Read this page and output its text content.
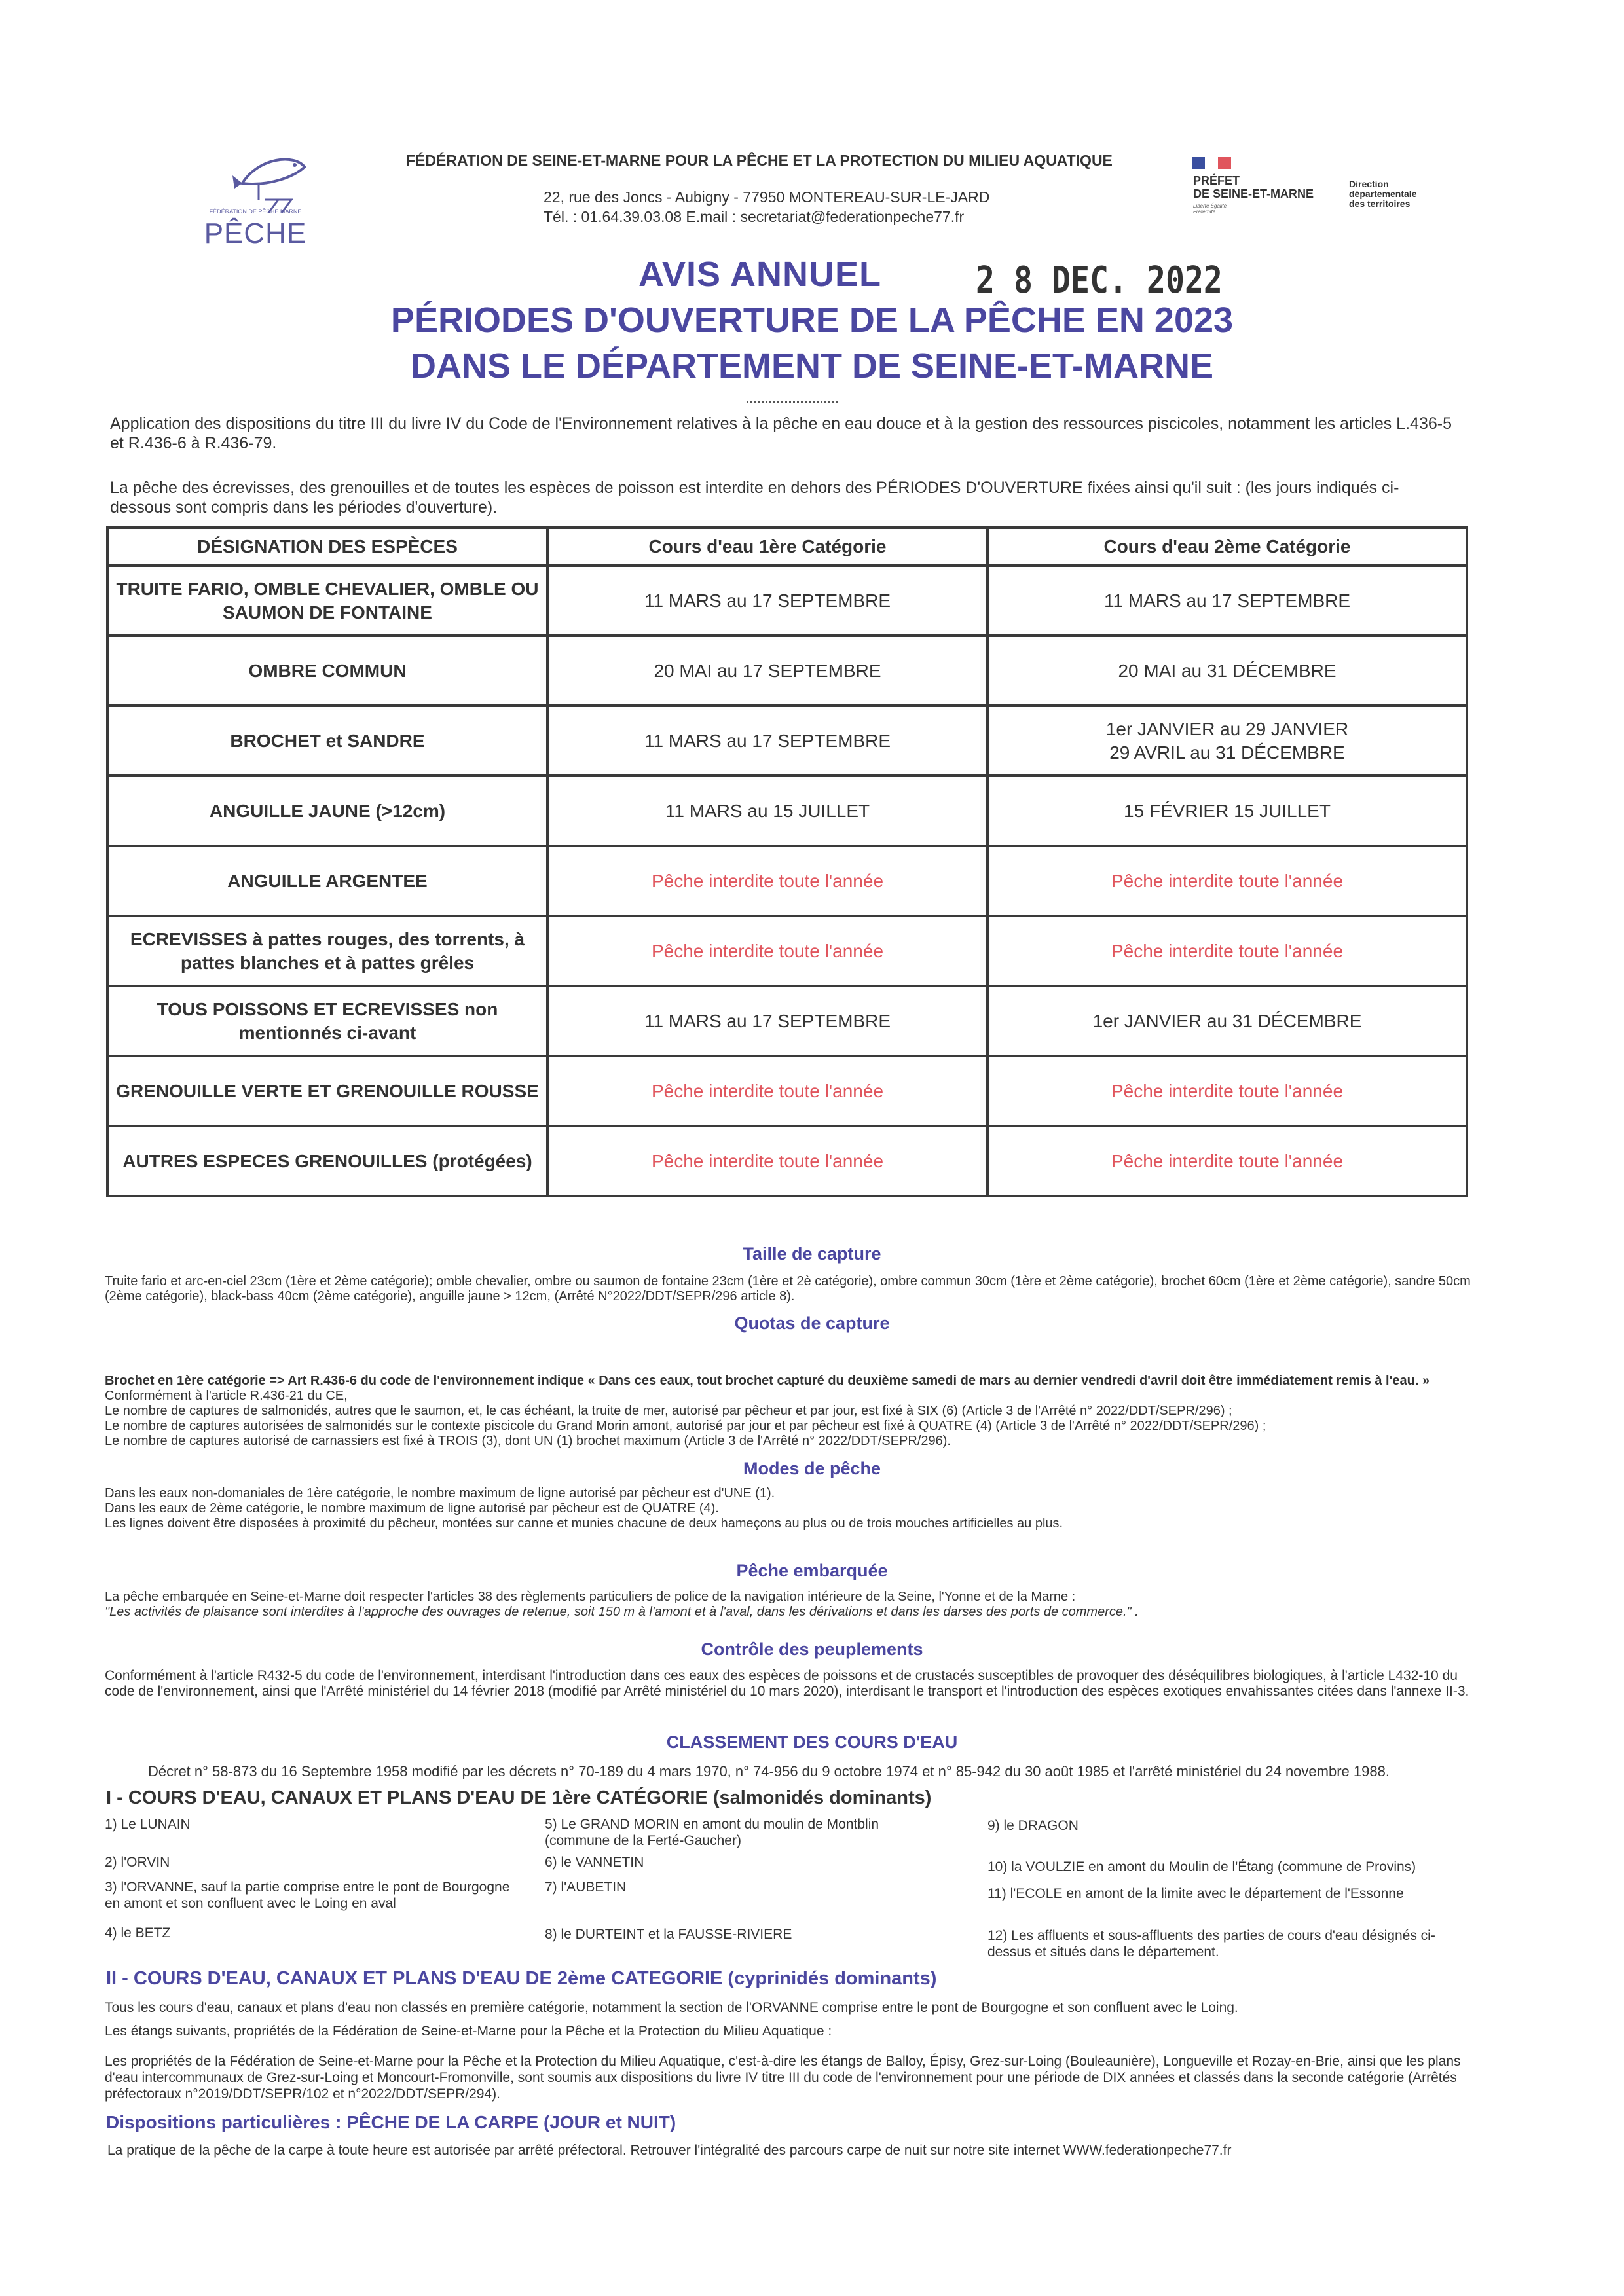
FÉDÉRATION DE PÊCHE MARNE
PÊCHE
FÉDÉRATION DE SEINE-ET-MARNE POUR LA PÊCHE ET LA PROTECTION DU MILIEU AQUATIQUE
22, rue des Joncs - Aubigny - 77950 MONTEREAU-SUR-LE-JARD
Tél. : 01.64.39.03.08 E.mail : secretariat@federationpeche77.fr
PRÉFET
DE SEINE-ET-MARNE
Liberté Égalité Fraternité
Direction
départementale
des territoires
AVIS ANNUEL	2 8 DEC. 2022
PÉRIODES D'OUVERTURE DE LA PÊCHE EN 2023
DANS LE DÉPARTEMENT DE SEINE-ET-MARNE
Application des dispositions du titre III du livre IV du Code de l'Environnement relatives à la pêche en eau douce et à la gestion des ressources piscicoles, notamment les articles L.436-5 et R.436-6 à R.436-79.
La pêche des écrevisses, des grenouilles et de toutes les espèces de poisson est interdite en dehors des PÉRIODES D'OUVERTURE fixées ainsi qu'il suit : (les jours indiqués ci-dessous sont compris dans les périodes d'ouverture).
DÉSIGNATION DES ESPÈCES	Cours d'eau 1ère Catégorie	Cours d'eau 2ème Catégorie
TRUITE FARIO, OMBLE CHEVALIER, OMBLE OU SAUMON DE FONTAINE	11 MARS au 17 SEPTEMBRE	11 MARS au 17 SEPTEMBRE
OMBRE COMMUN	20 MAI au 17 SEPTEMBRE	20 MAI au 31 DÉCEMBRE
BROCHET et SANDRE	11 MARS au 17 SEPTEMBRE	1er JANVIER au 29 JANVIER
29 AVRIL au 31 DÉCEMBRE
ANGUILLE JAUNE (>12cm)	11 MARS au 15 JUILLET	15 FÉVRIER 15 JUILLET
ANGUILLE ARGENTEE	Pêche interdite toute l'année	Pêche interdite toute l'année
ECREVISSES à pattes rouges, des torrents, à pattes blanches et à pattes grêles	Pêche interdite toute l'année	Pêche interdite toute l'année
TOUS POISSONS ET ECREVISSES non mentionnés ci-avant	11 MARS au 17 SEPTEMBRE	1er JANVIER au 31 DÉCEMBRE
GRENOUILLE VERTE ET GRENOUILLE ROUSSE	Pêche interdite toute l'année	Pêche interdite toute l'année
AUTRES ESPECES GRENOUILLES (protégées)	Pêche interdite toute l'année	Pêche interdite toute l'année
Taille de capture
Truite fario et arc-en-ciel 23cm (1ère et 2ème catégorie); omble chevalier, ombre ou saumon de fontaine 23cm (1ère et 2è catégorie), ombre commun 30cm (1ère et 2ème catégorie), brochet 60cm (1ère et 2ème catégorie), sandre 50cm (2ème catégorie), black-bass 40cm (2ème catégorie), anguille jaune > 12cm, (Arrêté N°2022/DDT/SEPR/296 article 8).
Quotas de capture
Brochet en 1ère catégorie => Art R.436-6 du code de l'environnement indique « Dans ces eaux, tout brochet capturé du deuxième samedi de mars au dernier vendredi d'avril doit être immédiatement remis à l'eau. »
Conformément à l'article R.436-21 du CE,
Le nombre de captures de salmonidés, autres que le saumon, et, le cas échéant, la truite de mer, autorisé par pêcheur et par jour, est fixé à SIX (6) (Article 3 de l'Arrêté n° 2022/DDT/SEPR/296) ;
Le nombre de captures autorisées de salmonidés sur le contexte piscicole du Grand Morin amont, autorisé par jour et par pêcheur est fixé à QUATRE (4) (Article 3 de l'Arrêté n° 2022/DDT/SEPR/296) ;
Le nombre de captures autorisé de carnassiers est fixé à TROIS (3), dont UN (1) brochet maximum (Article 3 de l'Arrêté n° 2022/DDT/SEPR/296).
Modes de pêche
Dans les eaux non-domaniales de 1ère catégorie, le nombre maximum de ligne autorisé par pêcheur est d'UNE (1).
Dans les eaux de 2ème catégorie, le nombre maximum de ligne autorisé par pêcheur est de QUATRE (4).
Les lignes doivent être disposées à proximité du pêcheur, montées sur canne et munies chacune de deux hameçons au plus ou de trois mouches artificielles au plus.
Pêche embarquée
La pêche embarquée en Seine-et-Marne doit respecter l'articles 38 des règlements particuliers de police de la navigation intérieure de la Seine, l'Yonne et de la Marne :
"Les activités de plaisance sont interdites à l'approche des ouvrages de retenue, soit 150 m à l'amont et à l'aval, dans les dérivations et dans les darses des ports de commerce." .
Contrôle des peuplements
Conformément à l'article R432-5 du code de l'environnement, interdisant l'introduction dans ces eaux des espèces de poissons et de crustacés susceptibles de provoquer des déséquilibres biologiques, à l'article L432-10 du code de l'environnement, ainsi que l'Arrêté ministériel du 14 février 2018 (modifié par Arrêté ministériel du 10 mars 2020), interdisant le transport et l'introduction des espèces exotiques envahissantes citées dans l'annexe II-3.
CLASSEMENT DES COURS D'EAU
Décret n° 58-873 du 16 Septembre 1958 modifié par les décrets n° 70-189 du 4 mars 1970, n° 74-956 du 9 octobre 1974 et n° 85-942 du 30 août 1985 et l'arrêté ministériel du 24 novembre 1988.
I - COURS D'EAU, CANAUX ET PLANS D'EAU DE 1ère CATÉGORIE (salmonidés dominants)
1) Le LUNAIN
2) l'ORVIN
3) l'ORVANNE, sauf la partie comprise entre le pont de Bourgogne en amont et son confluent avec le Loing en aval
4) le BETZ
5) Le GRAND MORIN en amont du moulin de Montblin (commune de la Ferté-Gaucher)
6) le VANNETIN
7) l'AUBETIN
8) le DURTEINT et la FAUSSE-RIVIERE
9) le DRAGON
10) la VOULZIE en amont du Moulin de l'Étang (commune de Provins)
11) l'ECOLE en amont de la limite avec le département de l'Essonne
12) Les affluents et sous-affluents des parties de cours d'eau désignés ci-dessus et situés dans le département.
II - COURS D'EAU, CANAUX ET PLANS D'EAU DE 2ème CATEGORIE (cyprinidés dominants)
Tous les cours d'eau, canaux et plans d'eau non classés en première catégorie, notamment la section de l'ORVANNE comprise entre le pont de Bourgogne et son confluent avec le Loing.
Les étangs suivants, propriétés de la Fédération de Seine-et-Marne pour la Pêche et la Protection du Milieu Aquatique :
Les propriétés de la Fédération de Seine-et-Marne pour la Pêche et la Protection du Milieu Aquatique, c'est-à-dire les étangs de Balloy, Épisy, Grez-sur-Loing (Bouleaunière), Longueville et Rozay-en-Brie, ainsi que les plans d'eau intercommunaux de Grez-sur-Loing et Moncourt-Fromonville, sont soumis aux dispositions du livre IV titre III du code de l'environnement pour une période de DIX années et classés dans la seconde catégorie (Arrêtés préfectoraux n°2019/DDT/SEPR/102 et n°2022/DDT/SEPR/294).
Dispositions particulières : PÊCHE DE LA CARPE (JOUR et NUIT)
La pratique de la pêche de la carpe à toute heure est autorisée par arrêté préfectoral. Retrouver l'intégralité des parcours carpe de nuit sur notre site internet WWW.federationpeche77.fr
